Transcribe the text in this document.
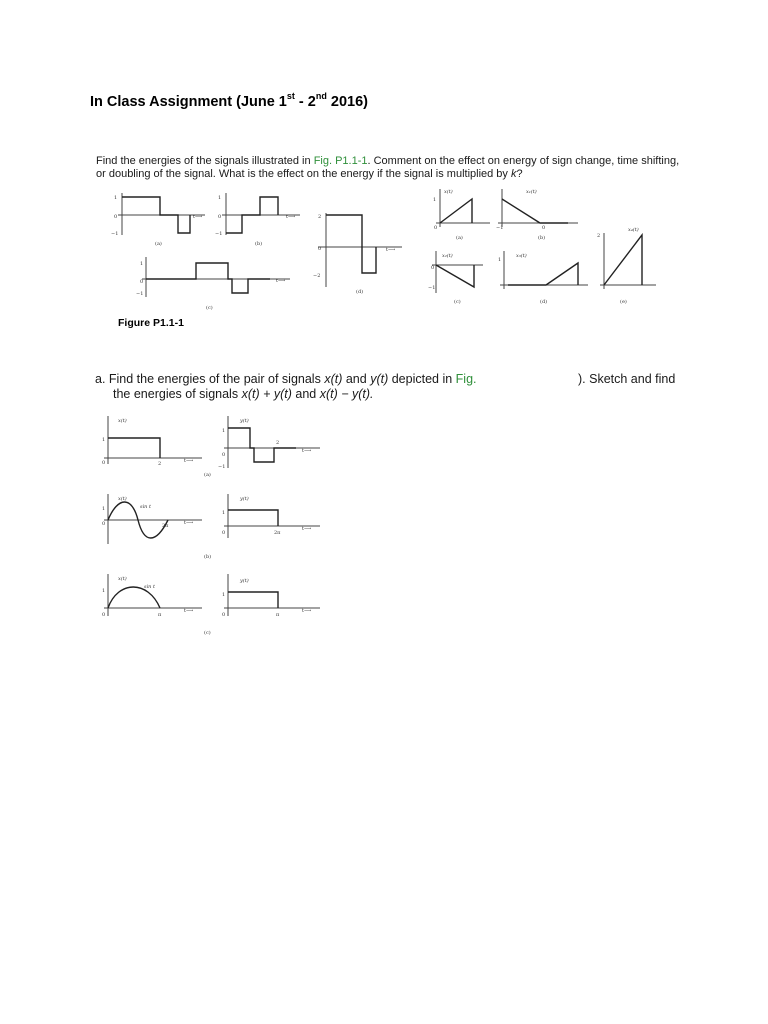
In Class Assignment (June 1st - 2nd 2016)
Find the energies of the signals illustrated in Fig. P1.1-1. Comment on the effect on energy of sign change, time shifting,
or doubling of the signal. What is the effect on the energy if the signal is multiplied by k?
1
0
−1
t⟶
(a)
1
0
−1
t⟶
(b)
1
0
−1
t⟶
(c)
2
0
−2
t⟶
(d)
1
0
x(t)
(a)
−1	0
x₁(t)
(b)
0
−1
x₂(t)
(c)
1
x₃(t)
(d)
2
x₄(t)
(e)
Figure P1.1-1
a. Find the energies of the pair of signals x(t) and y(t) depicted in Fig.	). Sketch and find
the energies of signals x(t) + y(t) and x(t) − y(t).
1
0	2
x(t)
t⟶
1
0
−1
2
y(t)
t⟶
(a)
1
0
x(t)
sin t
2π	t⟶
1
0
y(t)
2π
t⟶
(b)
1
0
x(t)
sin t
π
t⟶
1
0
y(t)
π
t⟶
(c)
